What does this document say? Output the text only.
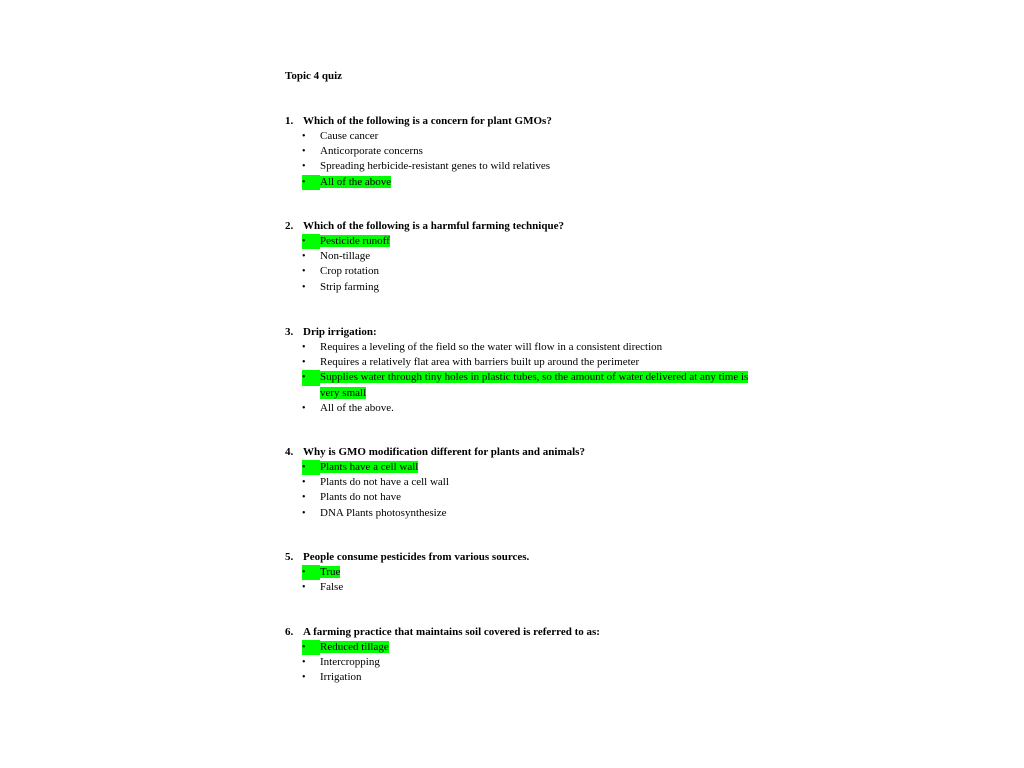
Topic 4 quiz
1. Which of the following is a concern for plant GMOs?
•	Cause cancer
•	Anticorporate concerns
•	Spreading herbicide-resistant genes to wild relatives
•	All of the above
2. Which of the following is a harmful farming technique?
•	Pesticide runoff
•	Non-tillage
•	Crop rotation
•	Strip farming
3. Drip irrigation:
•	Requires a leveling of the field so the water will flow in a consistent direction
•	Requires a relatively flat area with barriers built up around the perimeter
•	Supplies water through tiny holes in plastic tubes, so the amount of water delivered at any time is very small
•	All of the above.
4. Why is GMO modification different for plants and animals?
•	Plants have a cell wall
•	Plants do not have a cell wall
•	Plants do not have
•	DNA Plants photosynthesize
5. People consume pesticides from various sources.
•	True
•	False
6. A farming practice that maintains soil covered is referred to as:
•	Reduced tillage
•	Intercropping
•	Irrigation
